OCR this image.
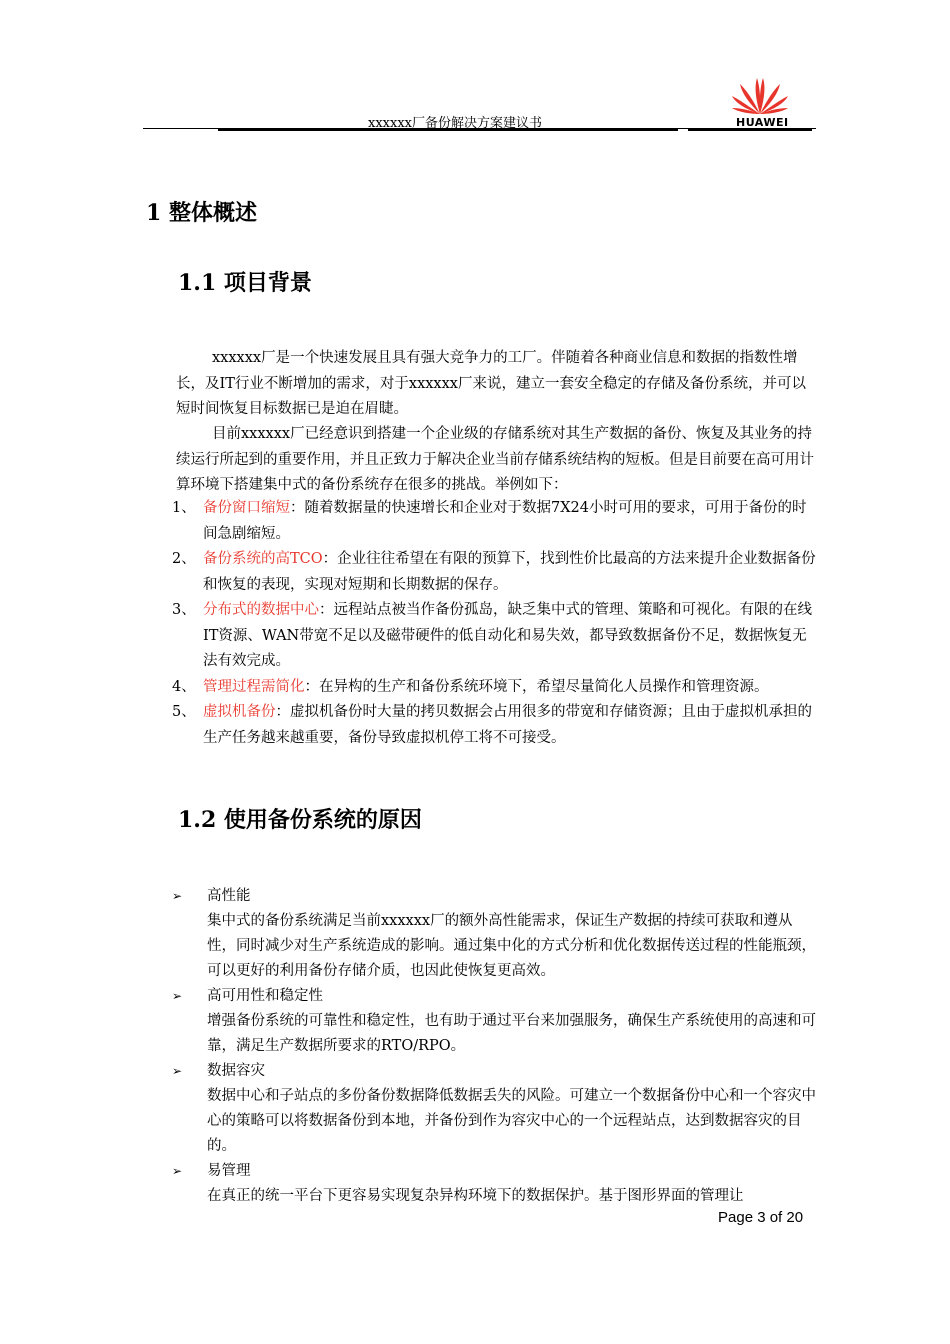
xxxxxx厂备份解决方案建议书	HUAWEI
1 整体概述
1.1 项目背景
xxxxxx厂是一个快速发展且具有强大竞争力的工厂。伴随着各种商业信息和数据的指数性增长，及IT行业不断增加的需求，对于xxxxxx厂来说，建立一套安全稳定的存储及备份系统，并可以短时间恢复目标数据已是迫在眉睫。
目前xxxxxx厂已经意识到搭建一个企业级的存储系统对其生产数据的备份、恢复及其业务的持续运行所起到的重要作用，并且正致力于解决企业当前存储系统结构的短板。但是目前要在高可用计算环境下搭建集中式的备份系统存在很多的挑战。举例如下：
1、 备份窗口缩短：随着数据量的快速增长和企业对于数据7X24小时可用的要求，可用于备份的时间急剧缩短。
2、 备份系统的高TCO：企业往往希望在有限的预算下，找到性价比最高的方法来提升企业数据备份和恢复的表现，实现对短期和长期数据的保存。
3、 分布式的数据中心：远程站点被当作备份孤岛，缺乏集中式的管理、策略和可视化。有限的在线IT资源、WAN带宽不足以及磁带硬件的低自动化和易失效，都导致数据备份不足，数据恢复无法有效完成。
4、 管理过程需简化：在异构的生产和备份系统环境下，希望尽量简化人员操作和管理资源。
5、 虚拟机备份：虚拟机备份时大量的拷贝数据会占用很多的带宽和存储资源；且由于虚拟机承担的生产任务越来越重要，备份导致虚拟机停工将不可接受。
1.2 使用备份系统的原因
➢	高性能
集中式的备份系统满足当前xxxxxx厂的额外高性能需求，保证生产数据的持续可获取和遵从性，同时减少对生产系统造成的影响。通过集中化的方式分析和优化数据传送过程的性能瓶颈，可以更好的利用备份存储介质，也因此使恢复更高效。
➢	高可用性和稳定性
增强备份系统的可靠性和稳定性，也有助于通过平台来加强服务，确保生产系统使用的高速和可靠，满足生产数据所要求的RTO/RPO。
➢	数据容灾
数据中心和子站点的多份备份数据降低数据丢失的风险。可建立一个数据备份中心和一个容灾中心的策略可以将数据备份到本地，并备份到作为容灾中心的一个远程站点，达到数据容灾的目的。
➢	易管理
在真正的统一平台下更容易实现复杂异构环境下的数据保护。基于图形界面的管理让
Page 3 of 20
